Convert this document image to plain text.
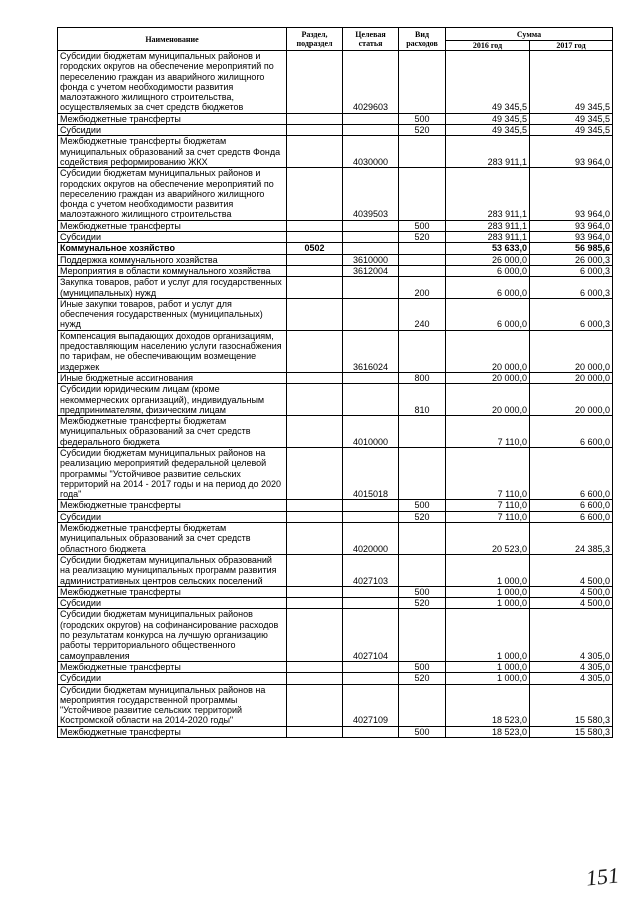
Наименование	Раздел, подраздел	Целевая статья	Вид расходов	Сумма	
				2016 год	2017 год
Субсидии бюджетам муниципальных районов и городских округов на обеспечение мероприятий по переселению граждан из аварийного жилищного фонда с учетом необходимости развития малоэтажного жилищного строительства, осуществляемых за счет средств бюджетов		4029603		49 345,5	49 345,5
Межбюджетные трансферты			500	49 345,5	49 345,5
Субсидии			520	49 345,5	49 345,5
Межбюджетные трансферты бюджетам муниципальных образований за счет средств Фонда содействия реформированию ЖКХ		4030000		283 911,1	93 964,0
Субсидии бюджетам муниципальных районов и городских округов на обеспечение мероприятий по переселению граждан из аварийного жилищного фонда с учетом необходимости развития малоэтажного жилищного строительства		4039503		283 911,1	93 964,0
Межбюджетные трансферты			500	283 911,1	93 964,0
Субсидии			520	283 911,1	93 964,0
Коммунальное хозяйство	0502			53 633,0	56 985,6
Поддержка коммунального хозяйства		3610000		26 000,0	26 000,3
Мероприятия в области коммунального хозяйства		3612004		6 000,0	6 000,3
Закупка товаров, работ и услуг для государственных (муниципальных) нужд			200	6 000,0	6 000,3
Иные закупки товаров, работ и услуг для обеспечения государственных (муниципальных) нужд			240	6 000,0	6 000,3
Компенсация выпадающих доходов организациям, предоставляющим населению услуги газоснабжения по тарифам, не обеспечивающим возмещение издержек		3616024		20 000,0	20 000,0
Иные бюджетные ассигнования			800	20 000,0	20 000,0
Субсидии юридическим лицам (кроме некоммерческих организаций), индивидуальным предпринимателям, физическим лицам			810	20 000,0	20 000,0
Межбюджетные трансферты бюджетам муниципальных образований за счет средств федерального бюджета		4010000		7 110,0	6 600,0
Субсидии бюджетам муниципальных районов на реализацию мероприятий федеральной целевой программы "Устойчивое развитие сельских территорий на 2014 - 2017 годы и на период до 2020 года"		4015018		7 110,0	6 600,0
Межбюджетные трансферты			500	7 110,0	6 600,0
Субсидии			520	7 110,0	6 600,0
Межбюджетные трансферты бюджетам муниципальных образований за счет средств областного бюджета		4020000		20 523,0	24 385,3
Субсидии бюджетам муниципальных образований на реализацию муниципальных программ развития административных центров сельских поселений		4027103		1 000,0	4 500,0
Межбюджетные трансферты			500	1 000,0	4 500,0
Субсидии			520	1 000,0	4 500,0
Субсидии бюджетам муниципальных районов (городских округов) на софинансирование расходов по результатам конкурса на лучшую организацию работы территориального общественного самоуправления		4027104		1 000,0	4 305,0
Межбюджетные трансферты			500	1 000,0	4 305,0
Субсидии			520	1 000,0	4 305,0
Субсидии бюджетам муниципальных районов на мероприятия государственной программы "Устойчивое развитие сельских территорий Костромской области на 2014-2020 годы"		4027109		18 523,0	15 580,3
Межбюджетные трансферты			500	18 523,0	15 580,3
151
